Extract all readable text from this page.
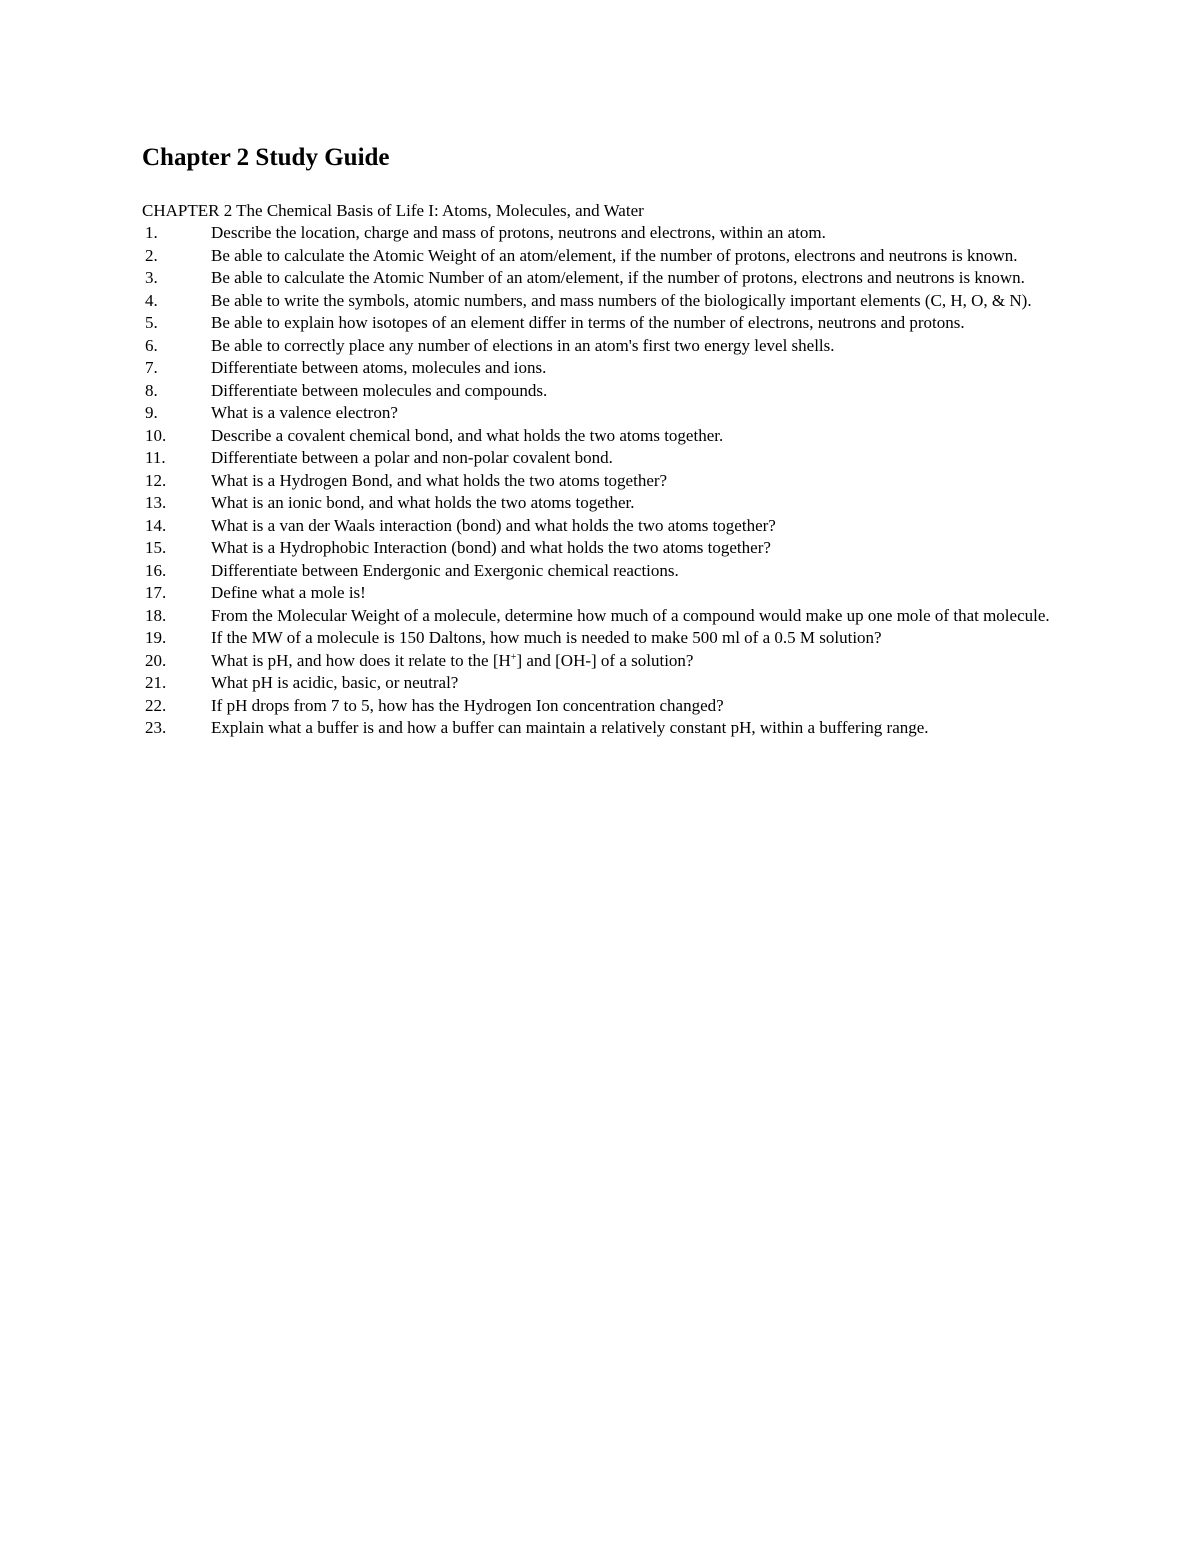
Chapter 2 Study Guide

CHAPTER 2 The Chemical Basis of Life I: Atoms, Molecules, and Water

1.	Describe the location, charge and mass of protons, neutrons and electrons, within an atom.
2.	Be able to calculate the Atomic Weight of an atom/element, if the number of protons, electrons and neutrons is known.
3.	Be able to calculate the Atomic Number of an atom/element, if the number of protons, electrons and neutrons is known.
4.	Be able to write the symbols, atomic numbers, and mass numbers of the biologically important elements (C, H, O, & N).
5.	Be able to explain how isotopes of an element differ in terms of the number of electrons, neutrons and protons.
6.	Be able to correctly place any number of elections in an atom's first two energy level shells.
7.	Differentiate between atoms, molecules and ions.
8.	Differentiate between molecules and compounds.
9.	What is a valence electron?
10.	Describe a covalent chemical bond, and what holds the two atoms together.
11.	Differentiate between a polar and non-polar covalent bond.
12.	What is a Hydrogen Bond, and what holds the two atoms together?
13.	What is an ionic bond, and what holds the two atoms together.
14.	What is a van der Waals interaction (bond) and what holds the two atoms together?
15.	What is a Hydrophobic Interaction (bond) and what holds the two atoms together?
16.	Differentiate between Endergonic and Exergonic chemical reactions.
17.	Define what a mole is!
18.	From the Molecular Weight of a molecule, determine how much of a compound would make up one mole of that molecule.
19.	If the MW of a molecule is 150 Daltons, how much is needed to make 500 ml of a 0.5 M solution?
20.	What is pH, and how does it relate to the [H+] and [OH-] of a solution?
21.	What pH is acidic, basic, or neutral?
22.	If pH drops from 7 to 5, how has the Hydrogen Ion concentration changed?
23.	Explain what a buffer is and how a buffer can maintain a relatively constant pH, within a buffering range.
